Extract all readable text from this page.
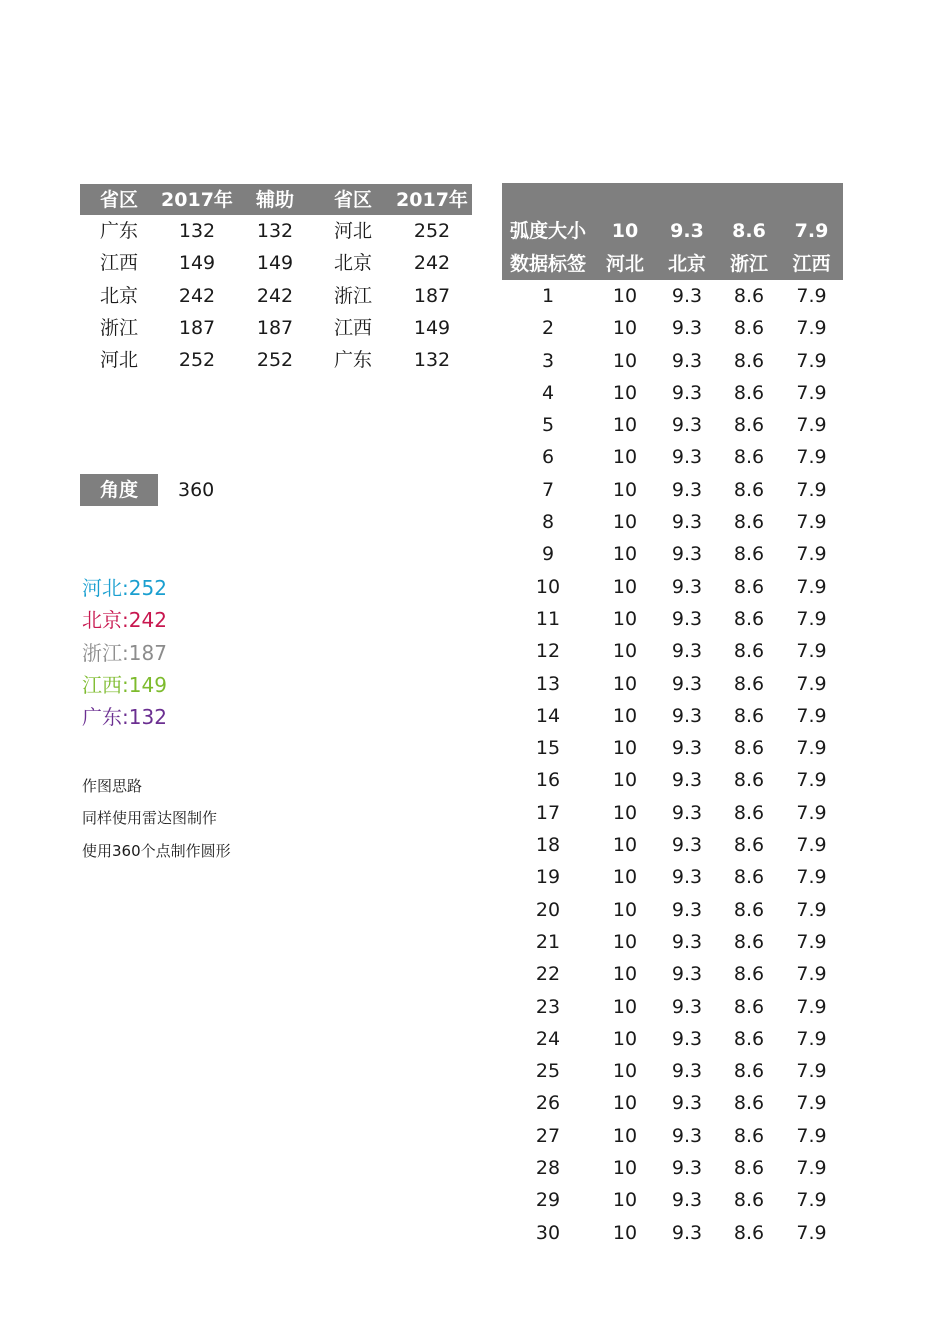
省区	2017年	辅助	省区	2017年
广东	132	132	河北	252
江西	149	149	北京	242
北京	242	242	浙江	187
浙江	187	187	江西	149
河北	252	252	广东	132
角度	360
河北:252
北京:242
浙江:187
江西:149
广东:132
作图思路
同样使用雷达图制作
使用360个点制作圆形
弧度大小	10	9.3	8.6	7.9
数据标签	河北	北京	浙江	江西
1	10	9.3	8.6	7.9
2	10	9.3	8.6	7.9
3	10	9.3	8.6	7.9
4	10	9.3	8.6	7.9
5	10	9.3	8.6	7.9
6	10	9.3	8.6	7.9
7	10	9.3	8.6	7.9
8	10	9.3	8.6	7.9
9	10	9.3	8.6	7.9
10	10	9.3	8.6	7.9
11	10	9.3	8.6	7.9
12	10	9.3	8.6	7.9
13	10	9.3	8.6	7.9
14	10	9.3	8.6	7.9
15	10	9.3	8.6	7.9
16	10	9.3	8.6	7.9
17	10	9.3	8.6	7.9
18	10	9.3	8.6	7.9
19	10	9.3	8.6	7.9
20	10	9.3	8.6	7.9
21	10	9.3	8.6	7.9
22	10	9.3	8.6	7.9
23	10	9.3	8.6	7.9
24	10	9.3	8.6	7.9
25	10	9.3	8.6	7.9
26	10	9.3	8.6	7.9
27	10	9.3	8.6	7.9
28	10	9.3	8.6	7.9
29	10	9.3	8.6	7.9
30	10	9.3	8.6	7.9
